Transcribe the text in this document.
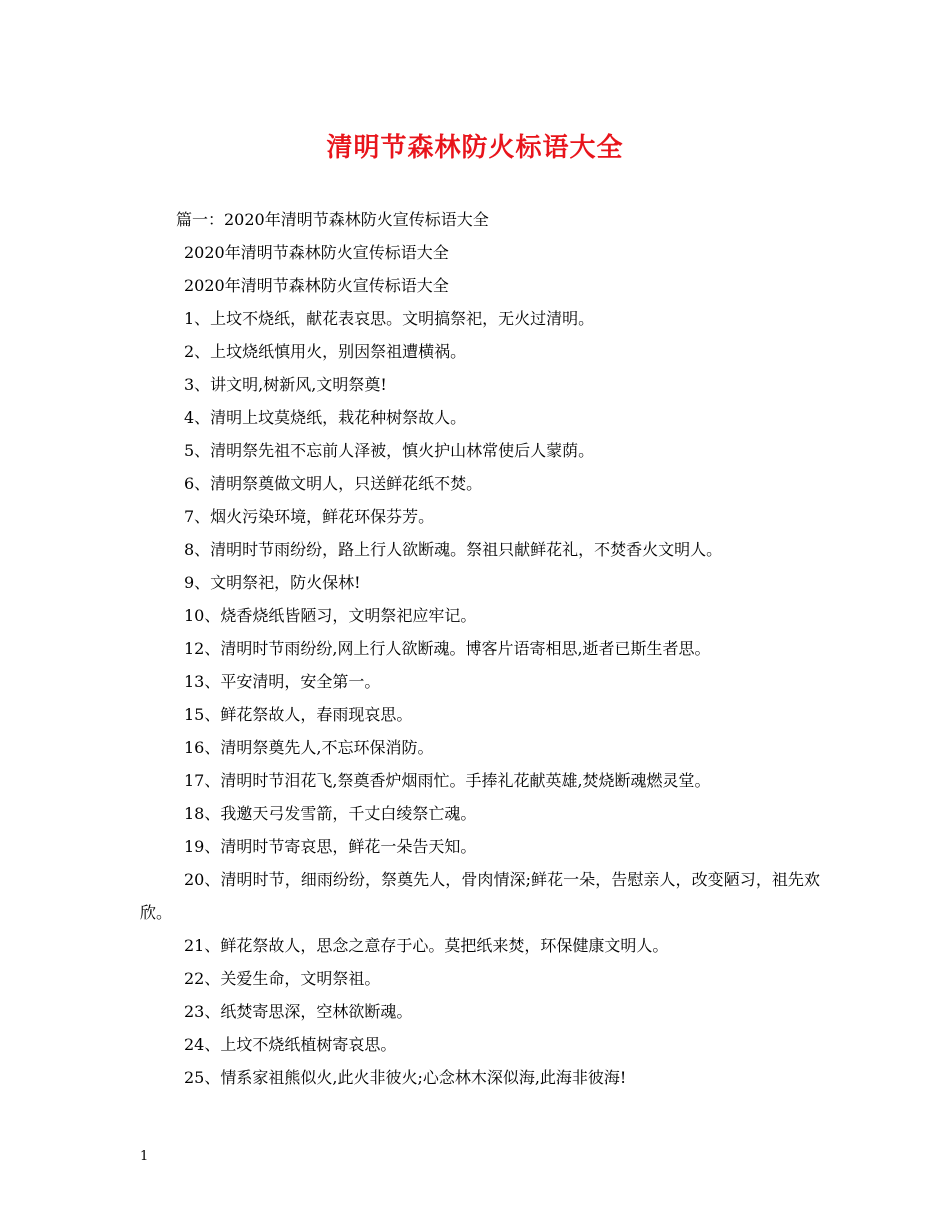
清明节森林防火标语大全

篇一：2020年清明节森林防火宣传标语大全

2020年清明节森林防火宣传标语大全

2020年清明节森林防火宣传标语大全

1、上坟不烧纸，献花表哀思。文明搞祭祀，无火过清明。

2、上坟烧纸慎用火，别因祭祖遭横祸。

3、讲文明,树新风,文明祭奠!

4、清明上坟莫烧纸，栽花种树祭故人。

5、清明祭先祖不忘前人泽被，慎火护山林常使后人蒙荫。

6、清明祭奠做文明人，只送鲜花纸不焚。

7、烟火污染环境，鲜花环保芬芳。

8、清明时节雨纷纷，路上行人欲断魂。祭祖只献鲜花礼，不焚香火文明人。

9、文明祭祀，防火保林!

10、烧香烧纸皆陋习，文明祭祀应牢记。

12、清明时节雨纷纷,网上行人欲断魂。博客片语寄相思,逝者已斯生者思。

13、平安清明，安全第一。

15、鲜花祭故人，春雨现哀思。

16、清明祭奠先人,不忘环保消防。

17、清明时节泪花飞,祭奠香炉烟雨忙。手捧礼花献英雄,焚烧断魂燃灵堂。

18、我邀天弓发雪箭，千丈白绫祭亡魂。

19、清明时节寄哀思，鲜花一朵告天知。

20、清明时节，细雨纷纷，祭奠先人，骨肉情深;鲜花一朵，告慰亲人，改变陋习，祖先欢欣。

21、鲜花祭故人，思念之意存于心。莫把纸来焚，环保健康文明人。

22、关爱生命，文明祭祖。

23、纸焚寄思深，空林欲断魂。

24、上坟不烧纸植树寄哀思。

25、情系家祖熊似火,此火非彼火;心念林木深似海,此海非彼海!

1
